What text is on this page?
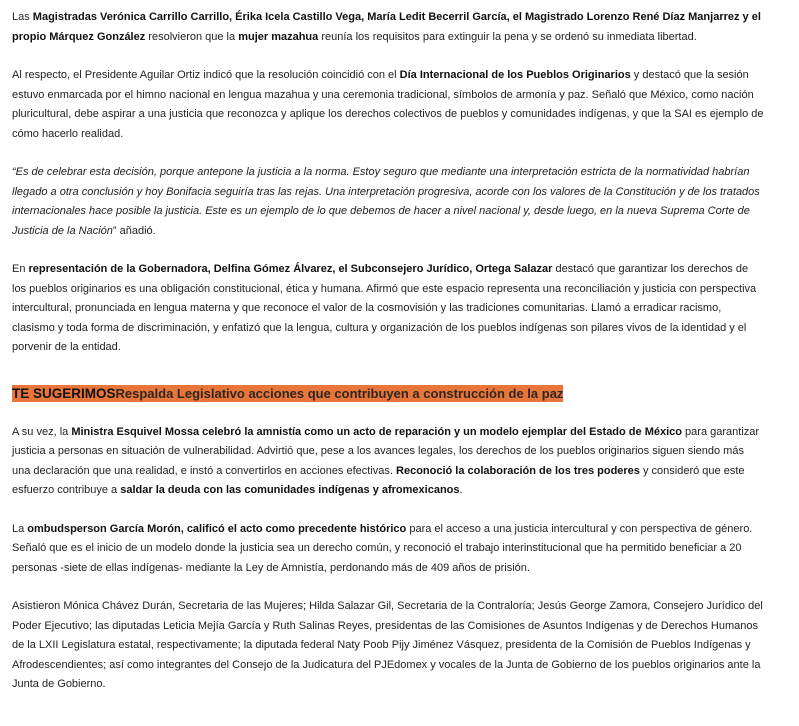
Las Magistradas Verónica Carrillo Carrillo, Érika Icela Castillo Vega, María Ledit Becerril García, el Magistrado Lorenzo René Díaz Manjarrez y el propio Márquez González resolvieron que la mujer mazahua reunía los requisitos para extinguir la pena y se ordenó su inmediata libertad.

Al respecto, el Presidente Aguilar Ortiz indicó que la resolución coincidió con el Día Internacional de los Pueblos Originarios y destacó que la sesión estuvo enmarcada por el himno nacional en lengua mazahua y una ceremonia tradicional, símbolos de armonía y paz. Señaló que México, como nación pluricultural, debe aspirar a una justicia que reconozca y aplique los derechos colectivos de pueblos y comunidades indígenas, y que la SAI es ejemplo de cómo hacerlo realidad.

“Es de celebrar esta decisión, porque antepone la justicia a la norma. Estoy seguro que mediante una interpretación estricta de la normatividad habrían llegado a otra conclusión y hoy Bonifacia seguiría tras las rejas. Una interpretación progresiva, acorde con los valores de la Constitución y de los tratados internacionales hace posible la justicia. Este es un ejemplo de lo que debemos de hacer a nivel nacional y, desde luego, en la nueva Suprema Corte de Justicia de la Nación” añadió.

En representación de la Gobernadora, Delfina Gómez Álvarez, el Subconsejero Jurídico, Ortega Salazar destacó que garantizar los derechos de los pueblos originarios es una obligación constitucional, ética y humana. Afirmó que este espacio representa una reconciliación y justicia con perspectiva intercultural, pronunciada en lengua materna y que reconoce el valor de la cosmovisión y las tradiciones comunitarias. Llamó a erradicar racismo, clasismo y toda forma de discriminación, y enfatizó que la lengua, cultura y organización de los pueblos indígenas son pilares vivos de la identidad y el porvenir de la entidad.

TE SUGERIMOSRespalda Legislativo acciones que contribuyen a construcción de la paz

A su vez, la Ministra Esquivel Mossa celebró la amnistía como un acto de reparación y un modelo ejemplar del Estado de México para garantizar justicia a personas en situación de vulnerabilidad. Advirtió que, pese a los avances legales, los derechos de los pueblos originarios siguen siendo más una declaración que una realidad, e instó a convertirlos en acciones efectivas. Reconoció la colaboración de los tres poderes y consideró que este esfuerzo contribuye a saldar la deuda con las comunidades indígenas y afromexicanos.

La ombudsperson García Morón, calificó el acto como precedente histórico para el acceso a una justicia intercultural y con perspectiva de género. Señaló que es el inicio de un modelo donde la justicia sea un derecho común, y reconoció el trabajo interinstitucional que ha permitido beneficiar a 20 personas -siete de ellas indígenas- mediante la Ley de Amnistía, perdonando más de 409 años de prisión.

Asistieron Mónica Chávez Durán, Secretaria de las Mujeres; Hilda Salazar Gil, Secretaria de la Contraloría; Jesús George Zamora, Consejero Jurídico del Poder Ejecutivo; las diputadas Leticia Mejía García y Ruth Salinas Reyes, presidentas de las Comisiones de Asuntos Indígenas y de Derechos Humanos de la LXII Legislatura estatal, respectivamente; la diputada federal Naty Poob Pijy Jiménez Vásquez, presidenta de la Comisión de Pueblos Indígenas y Afrodescendientes; así como integrantes del Consejo de la Judicatura del PJEdomex y vocales de la Junta de Gobierno de los pueblos originarios ante la Junta de Gobierno.
